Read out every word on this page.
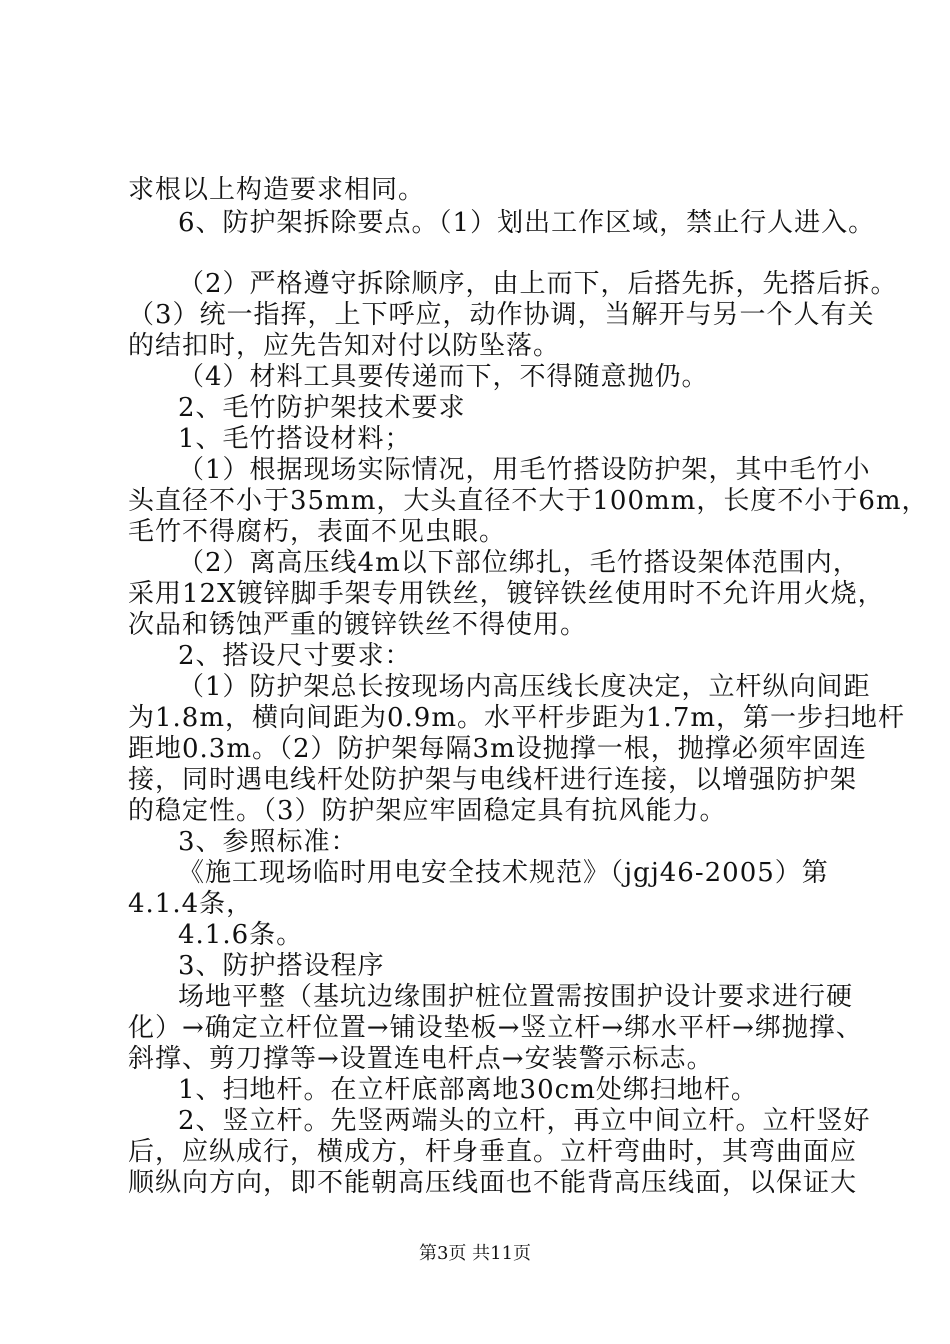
求根以上构造要求相同。
6、防护架拆除要点。（1）划出工作区域，禁止行人进入。
（2）严格遵守拆除顺序，由上而下，后搭先拆，先搭后拆。
（3）统一指挥，上下呼应，动作协调，当解开与另一个人有关
的结扣时，应先告知对付以防坠落。
（4）材料工具要传递而下，不得随意抛仍。
2、毛竹防护架技术要求
1、毛竹搭设材料；
（1）根据现场实际情况，用毛竹搭设防护架，其中毛竹小
头直径不小于35mm，大头直径不大于100mm，长度不小于6m，
毛竹不得腐朽，表面不见虫眼。
（2）离高压线4m以下部位绑扎，毛竹搭设架体范围内，
采用12X镀锌脚手架专用铁丝，镀锌铁丝使用时不允许用火烧，
次品和锈蚀严重的镀锌铁丝不得使用。
2、搭设尺寸要求：
（1）防护架总长按现场内高压线长度决定，立杆纵向间距
为1.8m，横向间距为0.9m。水平杆步距为1.7m，第一步扫地杆
距地0.3m。（2）防护架每隔3m设抛撑一根，抛撑必须牢固连
接，同时遇电线杆处防护架与电线杆进行连接，以增强防护架
的稳定性。（3）防护架应牢固稳定具有抗风能力。
3、参照标准：
《施工现场临时用电安全技术规范》（jgj46-2005）第
4.1.4条，
4.1.6条。
3、防护搭设程序
场地平整（基坑边缘围护桩位置需按围护设计要求进行硬
化）→确定立杆位置→铺设垫板→竖立杆→绑水平杆→绑抛撑、
斜撑、剪刀撑等→设置连电杆点→安装警示标志。
1、扫地杆。在立杆底部离地30cm处绑扫地杆。
2、竖立杆。先竖两端头的立杆，再立中间立杆。立杆竖好
后，应纵成行，横成方，杆身垂直。立杆弯曲时，其弯曲面应
顺纵向方向，即不能朝高压线面也不能背高压线面，以保证大
第3页 共11页
